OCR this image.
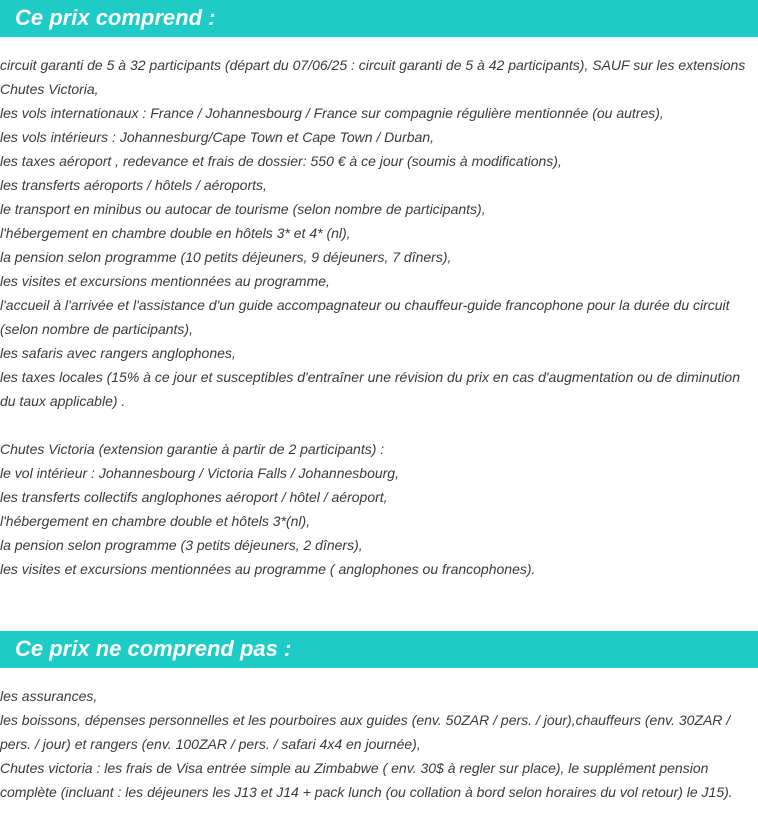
Ce prix comprend :

circuit garanti de 5 à 32 participants (départ du 07/06/25 : circuit garanti de 5 à 42 participants), SAUF sur les extensions Chutes Victoria,

les vols internationaux : France / Johannesbourg / France sur compagnie régulière mentionnée (ou autres),

les vols intérieurs : Johannesburg/Cape Town et Cape Town / Durban,

les taxes aéroport , redevance et frais de dossier: 550 € à ce jour (soumis à modifications),

les transferts aéroports / hôtels / aéroports,

le transport en minibus ou autocar de tourisme (selon nombre de participants),

l'hébergement en chambre double en hôtels 3* et 4* (nl),

la pension selon programme (10 petits déjeuners, 9 déjeuners, 7 dîners),

les visites et excursions mentionnées au programme,

l'accueil à l'arrivée et l'assistance d'un guide accompagnateur ou chauffeur-guide francophone pour la durée du circuit (selon nombre de participants),

les safaris avec rangers anglophones,

les taxes locales (15% à ce jour et susceptibles d'entraîner une révision du prix en cas d'augmentation ou de diminution du taux applicable) .

Chutes Victoria (extension garantie à partir de 2 participants) :

le vol intérieur : Johannesbourg / Victoria Falls / Johannesbourg,

les transferts collectifs anglophones aéroport / hôtel / aéroport,

l'hébergement en chambre double et hôtels 3*(nl),

la pension selon programme (3 petits déjeuners, 2 dîners),

les visites et excursions mentionnées au programme ( anglophones ou francophones).

Ce prix ne comprend pas :

les assurances,

les boissons, dépenses personnelles et les pourboires aux guides (env. 50ZAR / pers. / jour),chauffeurs (env. 30ZAR / pers. / jour) et rangers (env. 100ZAR / pers. / safari 4x4 en journée),

Chutes victoria : les frais de Visa entrée simple au Zimbabwe ( env. 30$ à regler sur place), le supplément pension complète (incluant : les déjeuners les J13 et J14 + pack lunch (ou collation à bord selon horaires du vol retour) le J15).
